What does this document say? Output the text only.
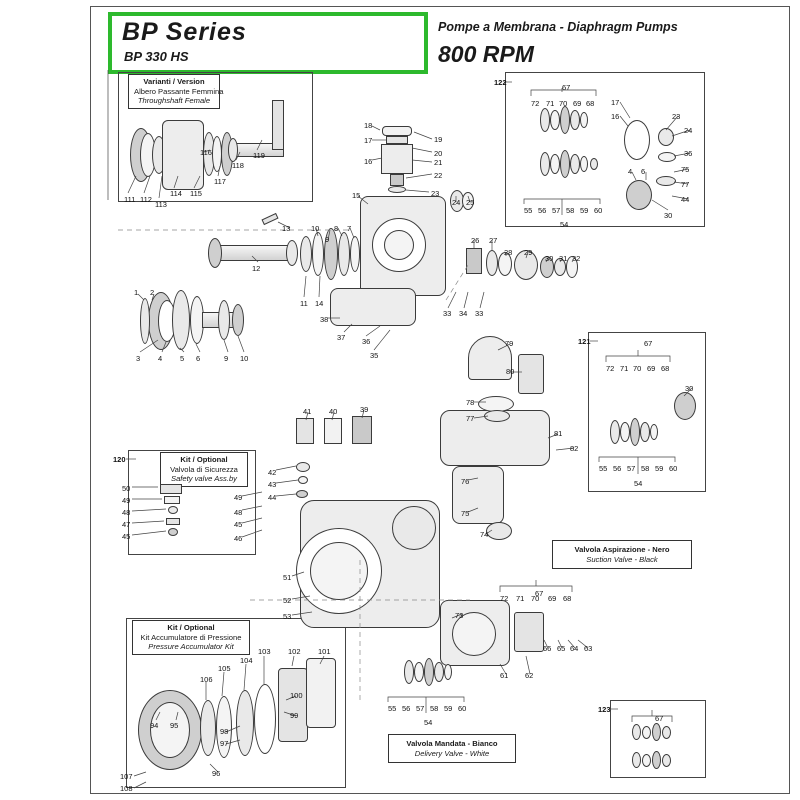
BP Series
BP 330 HS
Pompe a Membrana - Diaphragm Pumps
800 RPM
Varianti / Version
Albero Passante Femmina
Throughshaft Female
Kit / Optional
Valvola di Sicurezza
Safety valve Ass.by
Kit / Optional
Kit Accumulatore di Pressione
Pressure Accumulator Kit
Valvola Aspirazione - Nero
Suction Valve - Black
Valvola Mandata - Bianco
Delivery Valve - White
120
122
121
123
111 112
113
114 115
116
117
118
119
18
17
16
19
20
21
22
23
15
24 25
13
12
10 8 7
9
11 14
1 2
3 4 5 6	9 10
38
37 36
35
26 27
28 29
30 31 32
33 34 33
67
72 71 70 69 68 17
16	23
24
36
75
77
44
4 6
30
55 56 57 58 59 60
54
67
72 71 70 69 68
30
55 56 57 58 59 60
54
79
80
78
77
81
82
76
75
74
41 40	39
42
43
44
49
48
45
46
50
49
48
47
45
51
52
53
67
72 71 70 69 68
66 65 64 63
61 62
73
55 56 57 58 59 60
54
101
102
103
104
105
106
94 95
97
98
99
100
96
107
108
67
